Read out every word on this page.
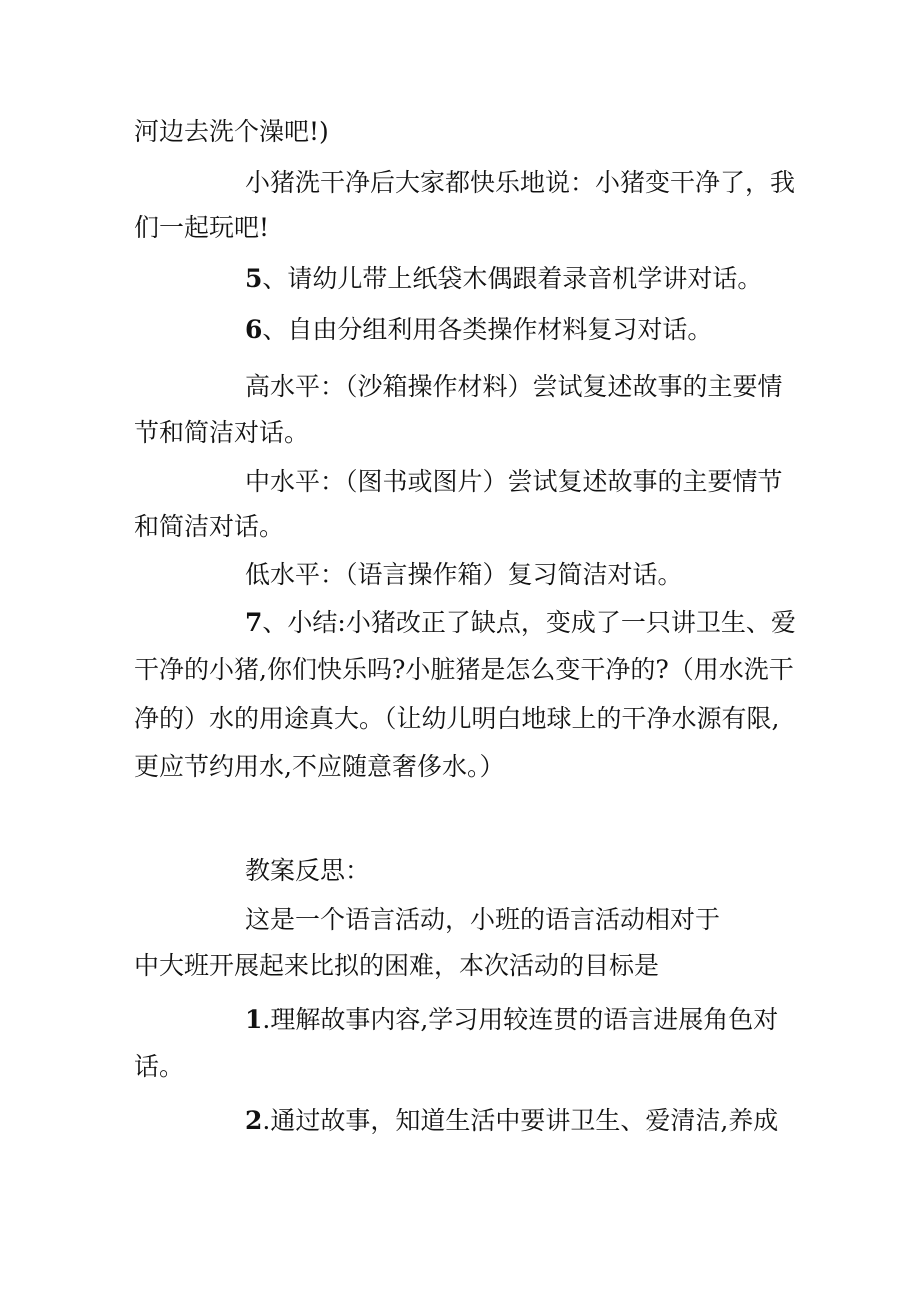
河边去洗个澡吧!)
小猪洗干净后大家都快乐地说：小猪变干净了，我
们一起玩吧!
5、请幼儿带上纸袋木偶跟着录音机学讲对话。
6、自由分组利用各类操作材料复习对话。
高水平：（沙箱操作材料）尝试复述故事的主要情
节和简洁对话。
中水平：（图书或图片）尝试复述故事的主要情节
和简洁对话。
低水平：（语言操作箱）复习简洁对话。
7、小结:小猪改正了缺点，变成了一只讲卫生、爱
干净的小猪,你们快乐吗?小脏猪是怎么变干净的?（用水洗干
净的）水的用途真大。（让幼儿明白地球上的干净水源有限,
更应节约用水,不应随意奢侈水。）
教案反思：
这是一个语言活动，小班的语言活动相对于
中大班开展起来比拟的困难，本次活动的目标是
1.理解故事内容,学习用较连贯的语言进展角色对
话。
2.通过故事，知道生活中要讲卫生、爱清洁,养成
